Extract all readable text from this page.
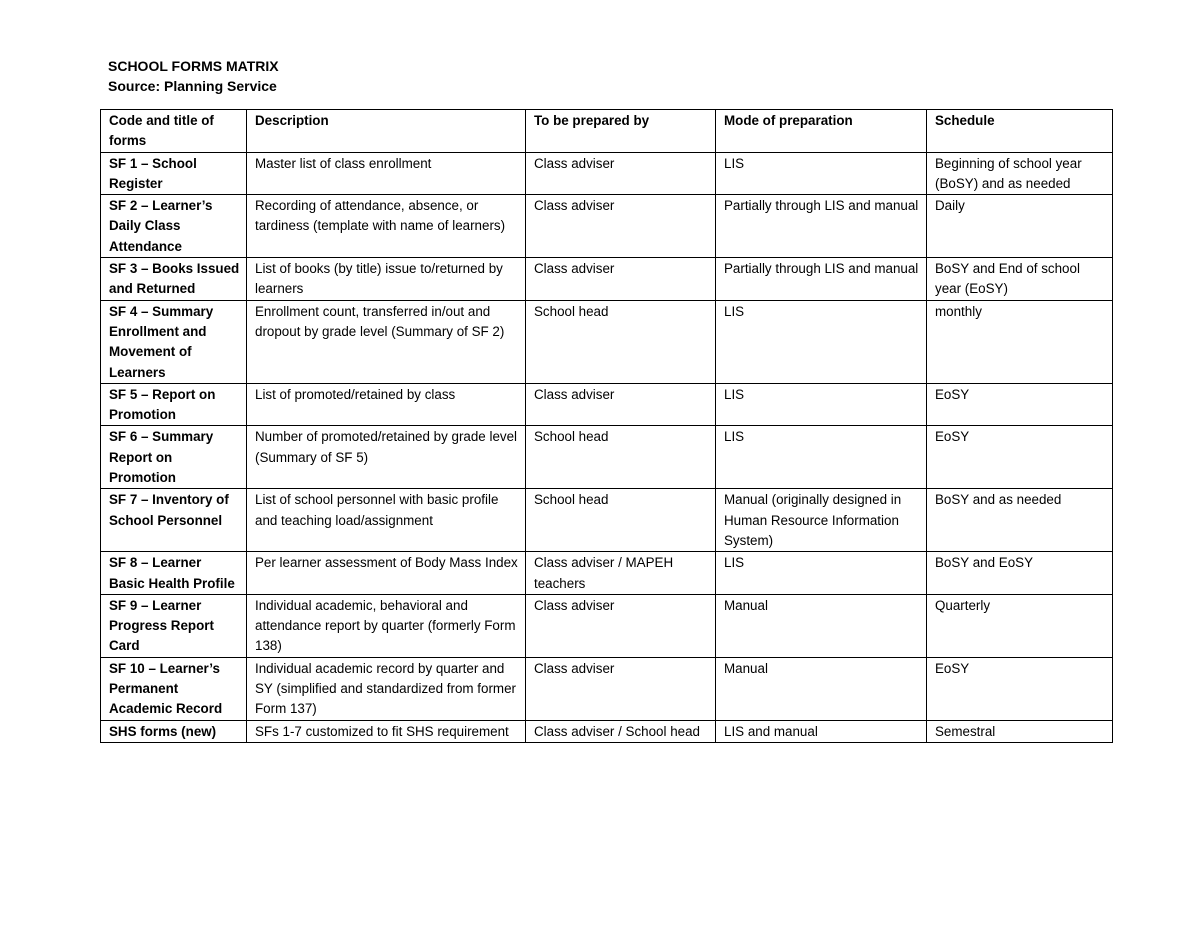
SCHOOL FORMS MATRIX
Source: Planning Service
Code and title of forms	Description	To be prepared by	Mode of preparation	Schedule
SF 1 – School Register	Master list of class enrollment	Class adviser	LIS	Beginning of school year (BoSY) and as needed
SF 2 – Learner’s Daily Class Attendance	Recording of attendance, absence, or tardiness (template with name of learners)	Class adviser	Partially through LIS and manual	Daily
SF 3 – Books Issued and Returned	List of books (by title) issue to/returned by learners	Class adviser	Partially through LIS and manual	BoSY and End of school year (EoSY)
SF 4 – Summary Enrollment and Movement of Learners	Enrollment count, transferred in/out and dropout by grade level (Summary of SF 2)	School head	LIS	monthly
SF 5 – Report on Promotion	List of promoted/retained by class	Class adviser	LIS	EoSY
SF 6 – Summary Report on Promotion	Number of promoted/retained by grade level (Summary of SF 5)	School head	LIS	EoSY
SF 7 – Inventory of School Personnel	List of school personnel with basic profile and teaching load/assignment	School head	Manual (originally designed in Human Resource Information System)	BoSY and as needed
SF 8 – Learner Basic Health Profile	Per learner assessment of Body Mass Index	Class adviser / MAPEH teachers	LIS	BoSY and EoSY
SF 9 – Learner Progress Report Card	Individual academic, behavioral and attendance report by quarter (formerly Form 138)	Class adviser	Manual	Quarterly
SF 10 – Learner’s Permanent Academic Record	Individual academic record by quarter and SY (simplified and standardized from former Form 137)	Class adviser	Manual	EoSY
SHS forms (new)	SFs 1-7 customized to fit SHS requirement	Class adviser / School head	LIS and manual	Semestral
